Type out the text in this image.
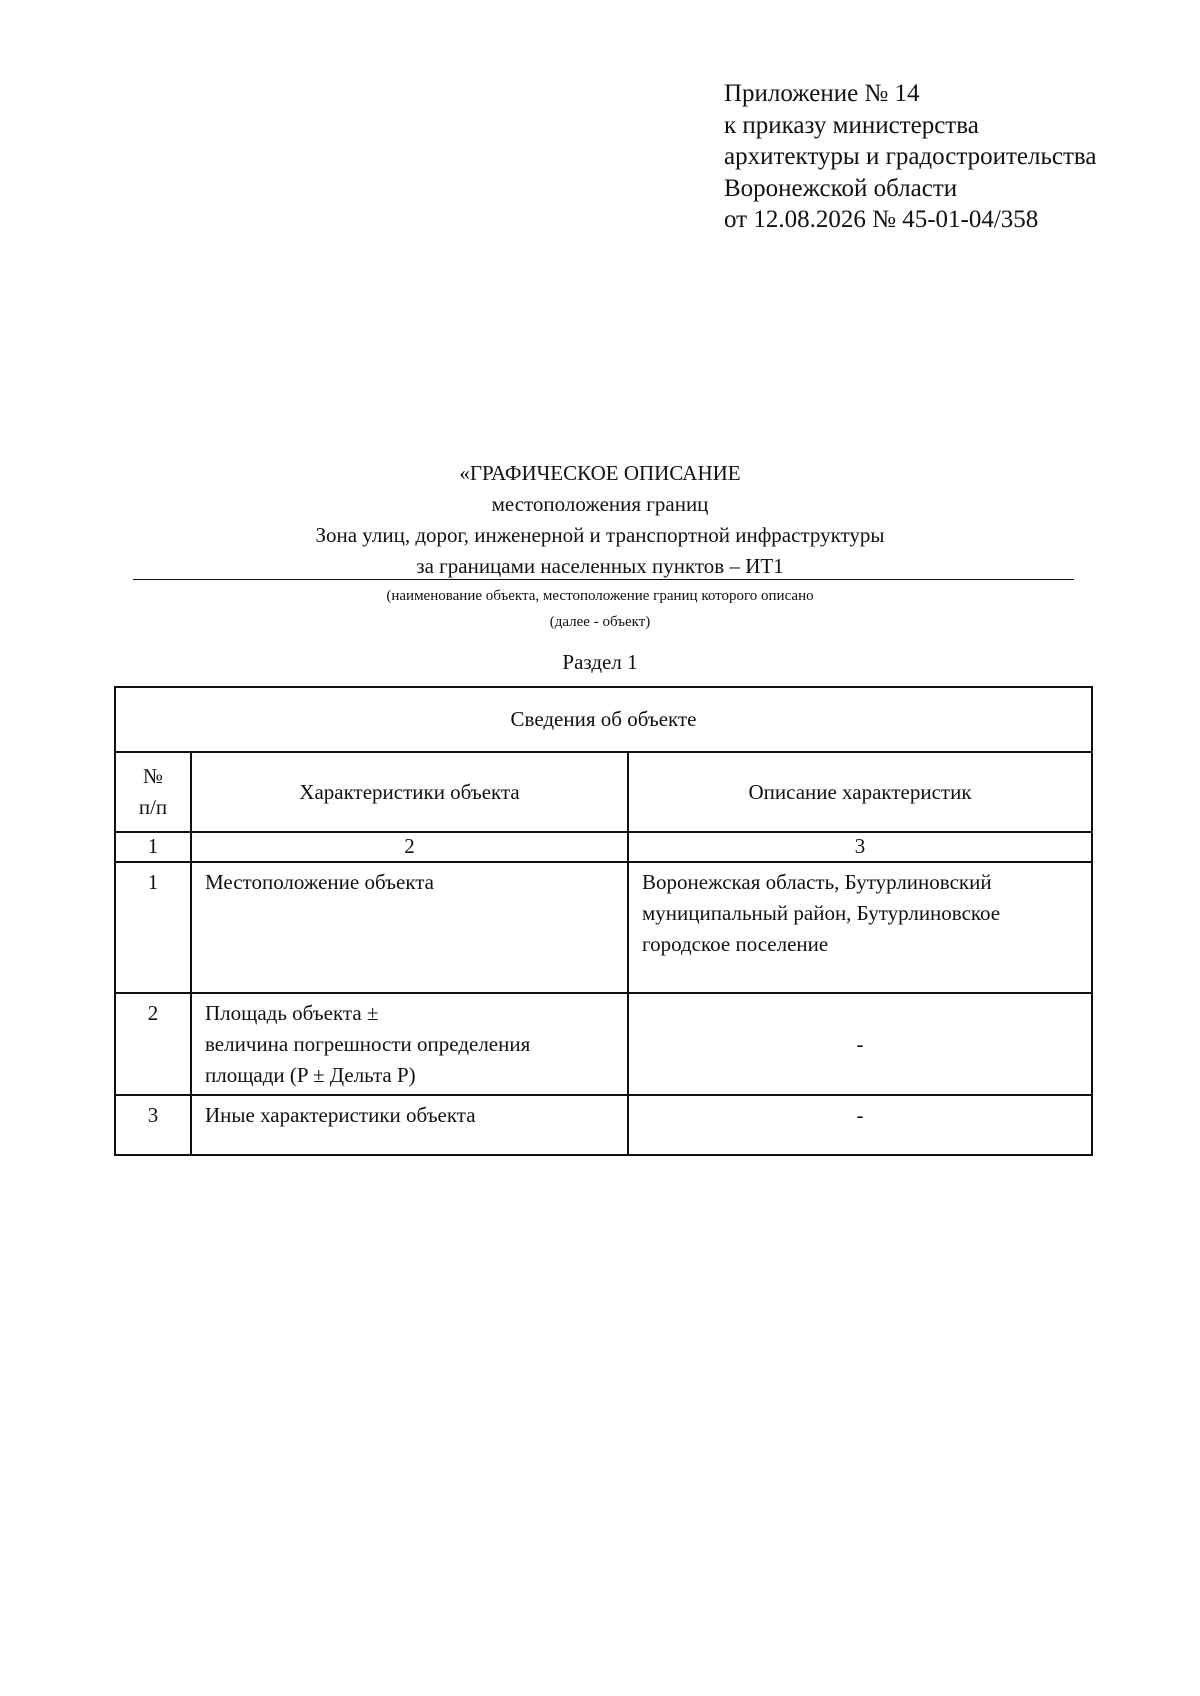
Приложение № 14
к приказу министерства
архитектуры и градостроительства
Воронежской области
от 12.08.2026 № 45-01-04/358
«ГРАФИЧЕСКОЕ ОПИСАНИЕ
местоположения границ
Зона улиц, дорог, инженерной и транспортной инфраструктуры
за границами населенных пунктов – ИТ1
(наименование объекта, местоположение границ которого описано
(далее - объект)
Раздел 1
Сведения об объекте		

№
п/п	Характеристики объекта	Описание характеристик
1	2	3
1	Местоположение объекта	Воронежская область, Бутурлиновский
муниципальный район, Бутурлиновское
городское поселение

2	Площадь объекта ±
величина погрешности определения
площади (P ± Дельта P)	-
3	Иные характеристики объекта	-
